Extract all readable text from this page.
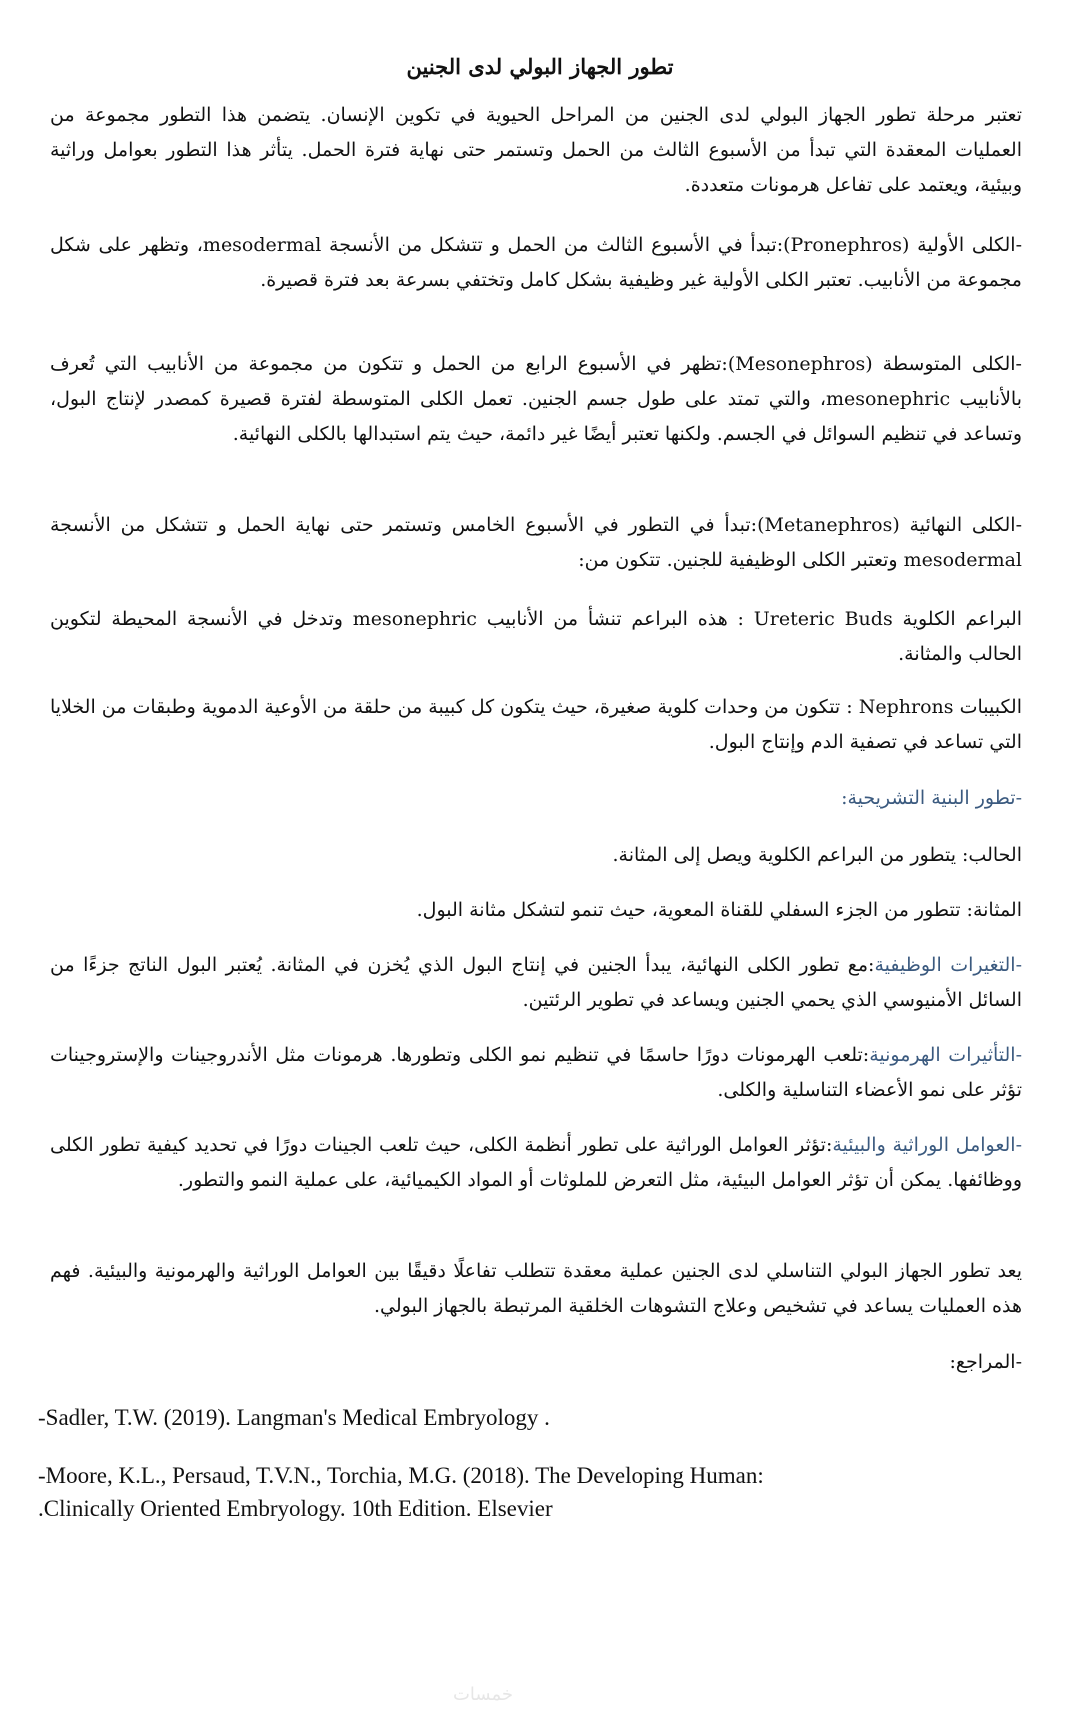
تطور الجهاز البولي لدى الجنين
تعتبر مرحلة تطور الجهاز البولي لدى الجنين من المراحل الحيوية في تكوين الإنسان. يتضمن هذا التطور مجموعة من العمليات المعقدة التي تبدأ من الأسبوع الثالث من الحمل وتستمر حتى نهاية فترة الحمل. يتأثر هذا التطور بعوامل وراثية وبيئية، ويعتمد على تفاعل هرمونات متعددة.
-الكلى الأولية (Pronephros):تبدأ في الأسبوع الثالث من الحمل و تتشكل من الأنسجة mesodermal، وتظهر على شكل مجموعة من الأنابيب. تعتبر الكلى الأولية غير وظيفية بشكل كامل وتختفي بسرعة بعد فترة قصيرة.
-الكلى المتوسطة (Mesonephros):تظهر في الأسبوع الرابع من الحمل و تتكون من مجموعة من الأنابيب التي تُعرف بالأنابيب mesonephric، والتي تمتد على طول جسم الجنين. تعمل الكلى المتوسطة لفترة قصيرة كمصدر لإنتاج البول، وتساعد في تنظيم السوائل في الجسم. ولكنها تعتبر أيضًا غير دائمة، حيث يتم استبدالها بالكلى النهائية.
-الكلى النهائية (Metanephros):تبدأ في التطور في الأسبوع الخامس وتستمر حتى نهاية الحمل و تتشكل من الأنسجة mesodermal وتعتبر الكلى الوظيفية للجنين. تتكون من:
البراعم الكلوية Ureteric Buds : هذه البراعم تنشأ من الأنابيب mesonephric وتدخل في الأنسجة المحيطة لتكوين الحالب والمثانة.
الكبيبات Nephrons : تتكون من وحدات كلوية صغيرة، حيث يتكون كل كبيبة من حلقة من الأوعية الدموية وطبقات من الخلايا التي تساعد في تصفية الدم وإنتاج البول.
-تطور البنية التشريحية:
الحالب: يتطور من البراعم الكلوية ويصل إلى المثانة.
المثانة: تتطور من الجزء السفلي للقناة المعوية، حيث تنمو لتشكل مثانة البول.
-التغيرات الوظيفية:مع تطور الكلى النهائية، يبدأ الجنين في إنتاج البول الذي يُخزن في المثانة. يُعتبر البول الناتج جزءًا من السائل الأمنيوسي الذي يحمي الجنين ويساعد في تطوير الرئتين.
-التأثيرات الهرمونية:تلعب الهرمونات دورًا حاسمًا في تنظيم نمو الكلى وتطورها. هرمونات مثل الأندروجينات والإستروجينات تؤثر على نمو الأعضاء التناسلية والكلى.
-العوامل الوراثية والبيئية:تؤثر العوامل الوراثية على تطور أنظمة الكلى، حيث تلعب الجينات دورًا في تحديد كيفية تطور الكلى ووظائفها. يمكن أن تؤثر العوامل البيئية، مثل التعرض للملوثات أو المواد الكيميائية، على عملية النمو والتطور.
يعد تطور الجهاز البولي التناسلي لدى الجنين عملية معقدة تتطلب تفاعلًا دقيقًا بين العوامل الوراثية والهرمونية والبيئية. فهم هذه العمليات يساعد في تشخيص وعلاج التشوهات الخلقية المرتبطة بالجهاز البولي.
-المراجع:
-Sadler, T.W. (2019). Langman's Medical Embryology .
-Moore, K.L., Persaud, T.V.N., Torchia, M.G. (2018). The Developing Human:
.Clinically Oriented Embryology. 10th Edition. Elsevier
خمسات
